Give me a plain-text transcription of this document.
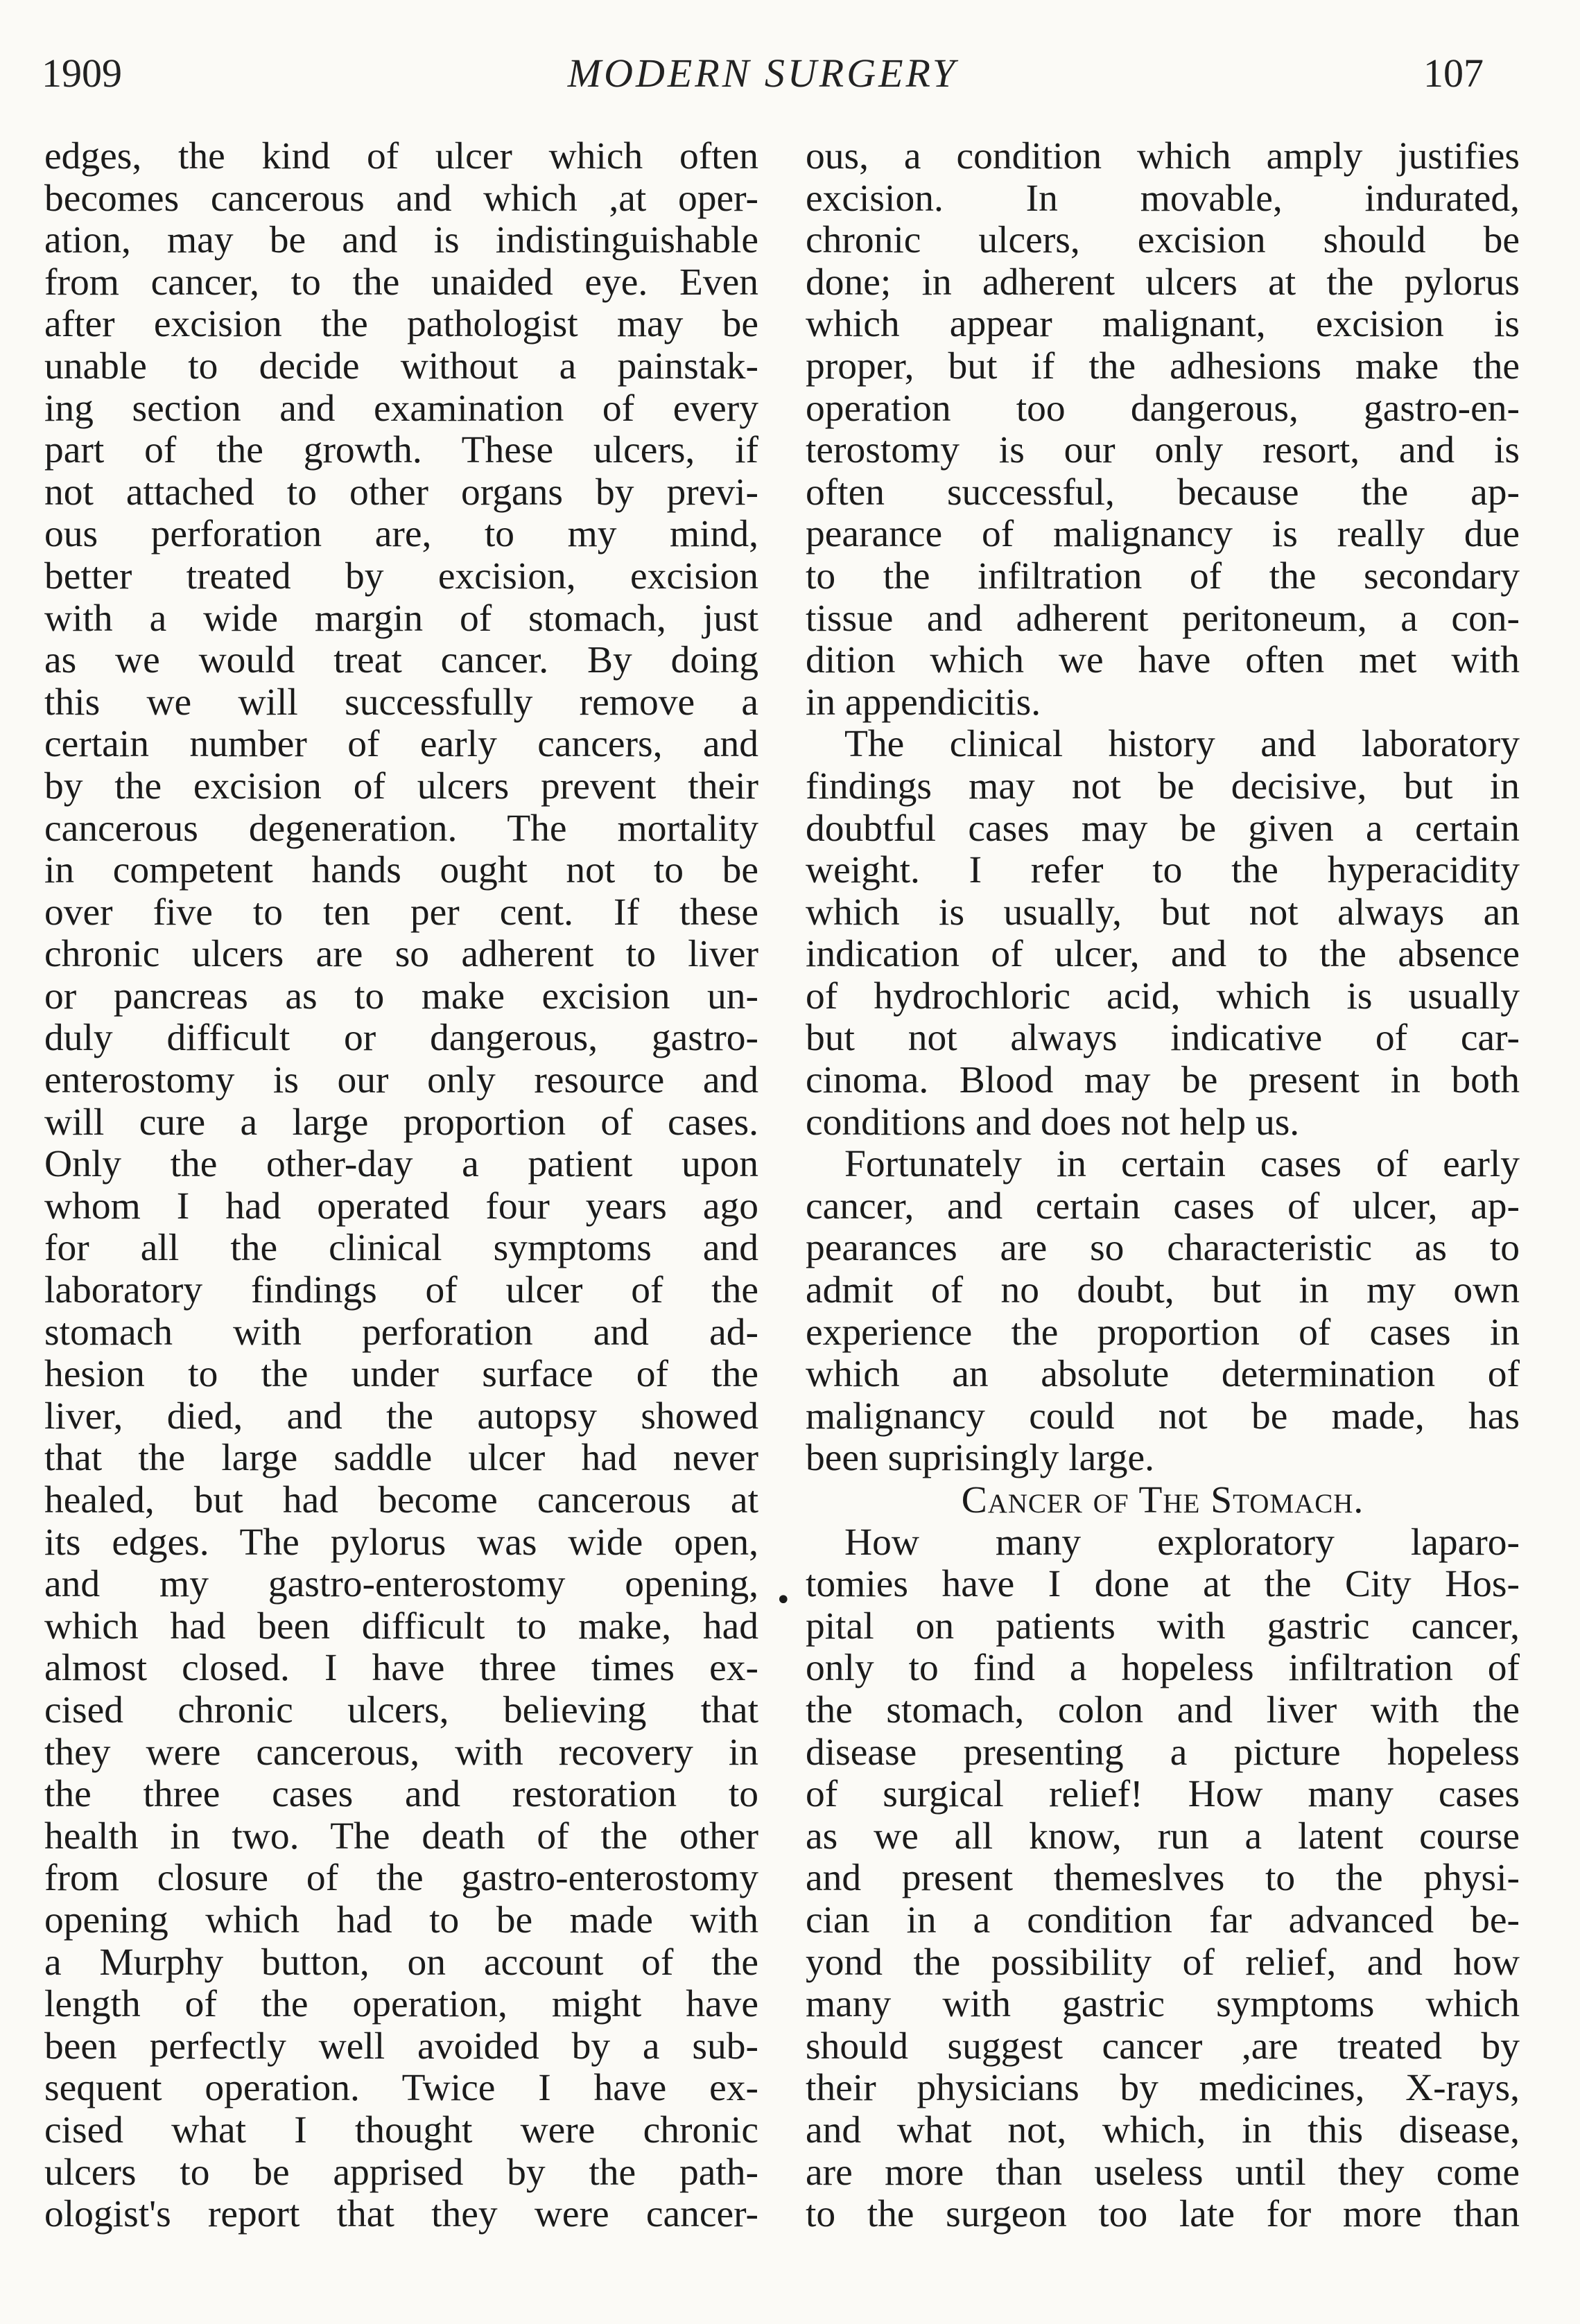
1909	MODERN SURGERY	107
edges, the kind of ulcer which often
becomes cancerous and which ,at oper-
ation, may be and is indistinguishable
from cancer, to the unaided eye. Even
after excision the pathologist may be
unable to decide without a painstak-
ing section and examination of every
part of the growth. These ulcers, if
not attached to other organs by previ-
ous perforation are, to my mind,
better treated by excision, excision
with a wide margin of stomach, just
as we would treat cancer. By doing
this we will successfully remove a
certain number of early cancers, and
by the excision of ulcers prevent their
cancerous degeneration. The mortality
in competent hands ought not to be
over five to ten per cent. If these
chronic ulcers are so adherent to liver
or pancreas as to make excision un-
duly difficult or dangerous, gastro-
enterostomy is our only resource and
will cure a large proportion of cases.
Only the other-day a patient upon
whom I had operated four years ago
for all the clinical symptoms and
laboratory findings of ulcer of the
stomach with perforation and ad-
hesion to the under surface of the
liver, died, and the autopsy showed
that the large saddle ulcer had never
healed, but had become cancerous at
its edges. The pylorus was wide open,
and my gastro-enterostomy opening,
which had been difficult to make, had
almost closed. I have three times ex-
cised chronic ulcers, believing that
they were cancerous, with recovery in
the three cases and restoration to
health in two. The death of the other
from closure of the gastro-enterostomy
opening which had to be made with
a Murphy button, on account of the
length of the operation, might have
been perfectly well avoided by a sub-
sequent operation. Twice I have ex-
cised what I thought were chronic
ulcers to be apprised by the path-
ologist's report that they were cancer-
ous, a condition which amply justifies
excision. In movable, indurated,
chronic ulcers, excision should be
done; in adherent ulcers at the pylorus
which appear malignant, excision is
proper, but if the adhesions make the
operation too dangerous, gastro-en-
terostomy is our only resort, and is
often successful, because the ap-
pearance of malignancy is really due
to the infiltration of the secondary
tissue and adherent peritoneum, a con-
dition which we have often met with
in appendicitis.
The clinical history and laboratory
findings may not be decisive, but in
doubtful cases may be given a certain
weight. I refer to the hyperacidity
which is usually, but not always an
indication of ulcer, and to the absence
of hydrochloric acid, which is usually
but not always indicative of car-
cinoma. Blood may be present in both
conditions and does not help us.
Fortunately in certain cases of early
cancer, and certain cases of ulcer, ap-
pearances are so characteristic as to
admit of no doubt, but in my own
experience the proportion of cases in
which an absolute determination of
malignancy could not be made, has
been suprisingly large.
Cancer of The Stomach.
How many exploratory laparo-
tomies have I done at the City Hos-
pital on patients with gastric cancer,
only to find a hopeless infiltration of
the stomach, colon and liver with the
disease presenting a picture hopeless
of surgical relief! How many cases
as we all know, run a latent course
and present themeslves to the physi-
cian in a condition far advanced be-
yond the possibility of relief, and how
many with gastric symptoms which
should suggest cancer ,are treated by
their physicians by medicines, X-rays,
and what not, which, in this disease,
are more than useless until they come
to the surgeon too late for more than
•
